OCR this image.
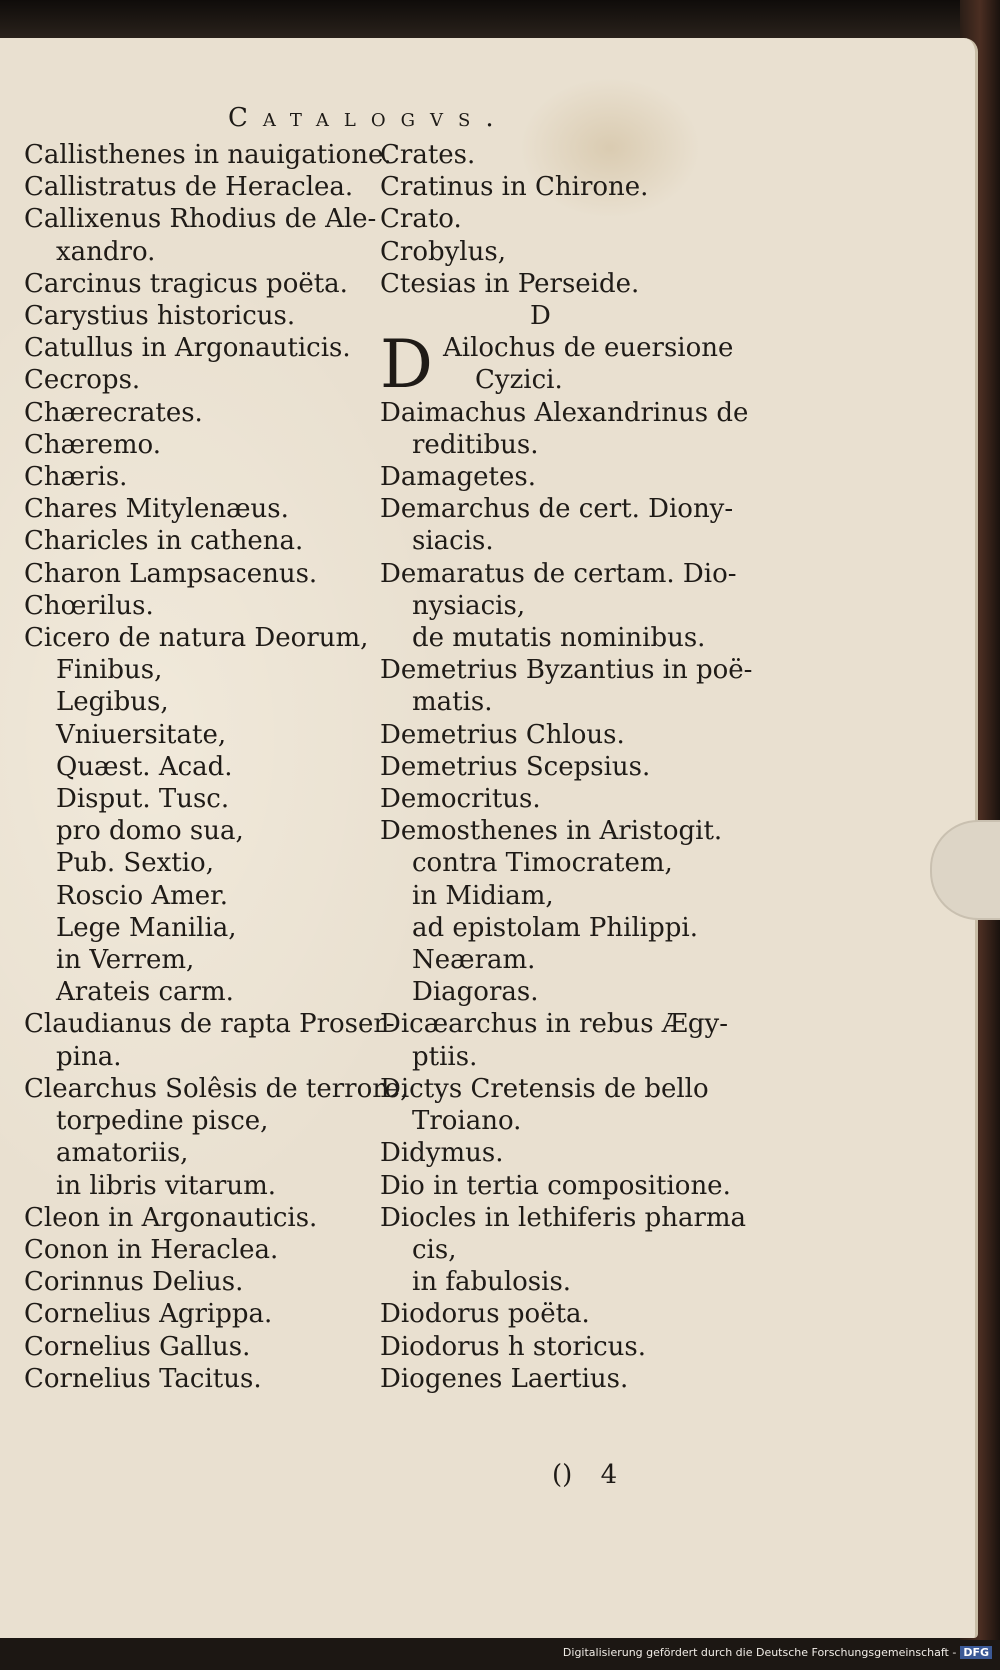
Catalogvs.
Callisthenes in nauigatione.
Callistratus de Heraclea.
Callixenus Rhodius de Ale-
xandro.
Carcinus tragicus poëta.
Carystius historicus.
Catullus in Argonauticis.
Cecrops.
Chærecrates.
Chæremo.
Chæris.
Chares Mitylenæus.
Charicles in cathena.
Charon Lampsacenus.
Chœrilus.
Cicero de natura Deorum,
Finibus,
Legibus,
Vniuersitate,
Quæst. Acad.
Disput. Tusc.
pro domo sua,
Pub. Sextio,
Roscio Amer.
Lege Manilia,
in Verrem,
Arateis carm.
Claudianus de rapta Proser-
pina.
Clearchus Solêsis de terrore,
torpedine pisce,
amatoriis,
in libris vitarum.
Cleon in Argonauticis.
Conon in Heraclea.
Corinnus Delius.
Cornelius Agrippa.
Cornelius Gallus.
Cornelius Tacitus.
Crates.
Cratinus in Chirone.
Crato.
Crobylus,
Ctesias in Perseide.
D
D Ailochus de euersione
Cyzici.
Daimachus Alexandrinus de
reditibus.
Damagetes.
Demarchus de cert. Diony-
siacis.
Demaratus de certam. Dio-
nysiacis,
de mutatis nominibus.
Demetrius Byzantius in poë-
matis.
Demetrius Chlous.
Demetrius Scepsius.
Democritus.
Demosthenes in Aristogit.
contra Timocratem,
in Midiam,
ad epistolam Philippi.
Neæram.
Diagoras.
Dicæarchus in rebus Ægy-
ptiis.
Dictys Cretensis de bello
Troiano.
Didymus.
Dio in tertia compositione.
Diocles in lethiferis pharma
cis,
in fabulosis.
Diodorus poëta.
Diodorus h storicus.
Diogenes Laertius.
() 4
Digitalisierung gefördert durch die Deutsche Forschungsgemeinschaft - DFG
